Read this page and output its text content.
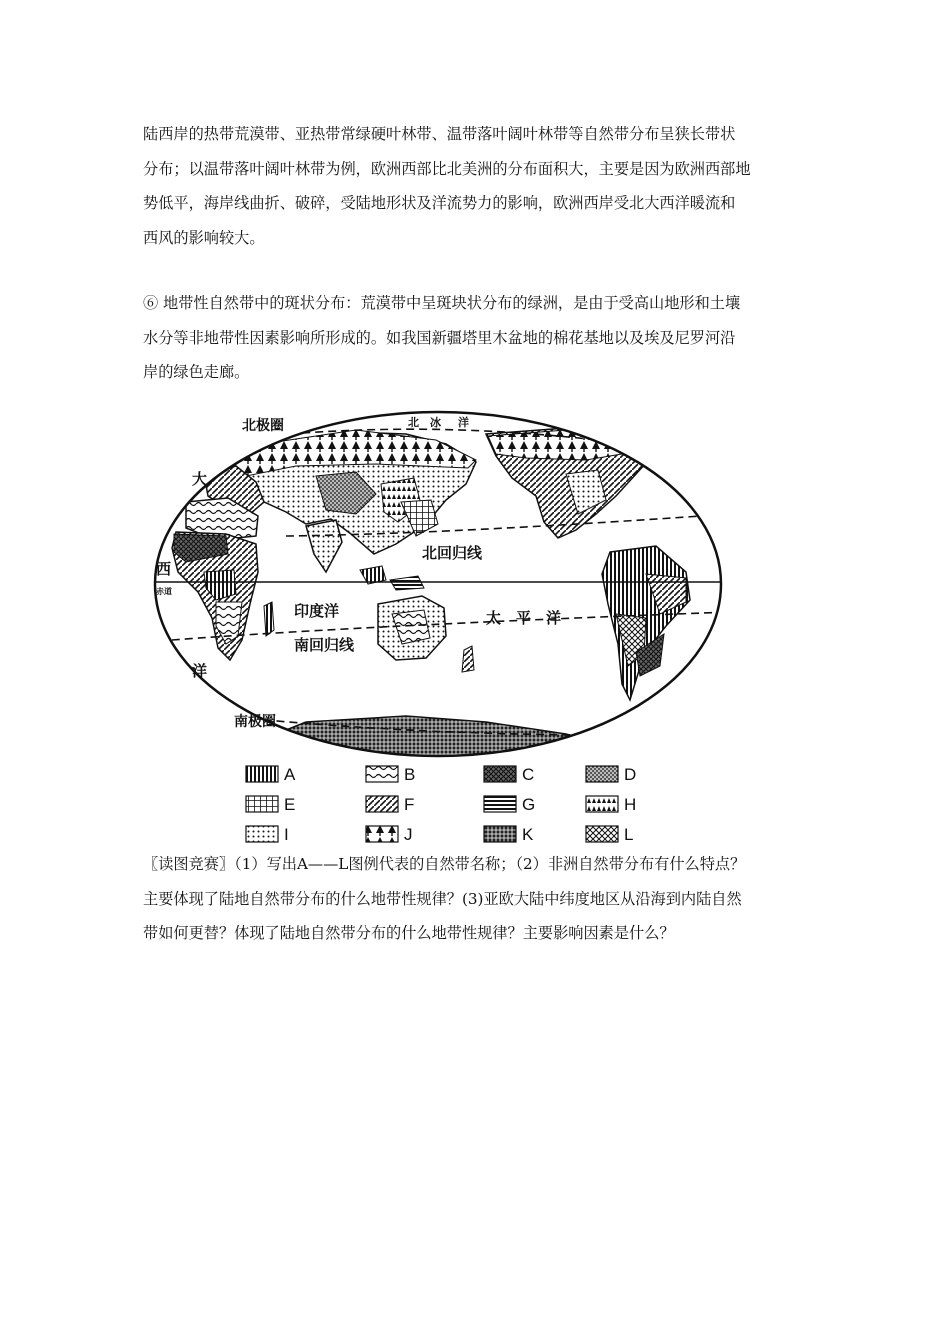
陆西岸的热带荒漠带、亚热带常绿硬叶林带、温带落叶阔叶林带等自然带分布呈狭长带状
分布；以温带落叶阔叶林带为例，欧洲西部比北美洲的分布面积大，主要是因为欧洲西部地
势低平，海岸线曲折、破碎，受陆地形状及洋流势力的影响，欧洲西岸受北大西洋暖流和
西风的影响较大。
⑥ 地带性自然带中的斑状分布：荒漠带中呈斑块状分布的绿洲，是由于受高山地形和土壤
水分等非地带性因素影响所形成的。如我国新疆塔里木盆地的棉花基地以及埃及尼罗河沿
岸的绿色走廊。
北极圈	北　冰 洋
大
西
赤道
洋
北回归线
印度洋	太　平　洋
南回归线
南极圈
A	B	C	D
E	F	G	H
I	J	K	L
〖读图竞赛〗（1）写出A——L图例代表的自然带名称；（2）非洲自然带分布有什么特点？
主要体现了陆地自然带分布的什么地带性规律？(3)亚欧大陆中纬度地区从沿海到内陆自然
带如何更替？体现了陆地自然带分布的什么地带性规律？主要影响因素是什么？
